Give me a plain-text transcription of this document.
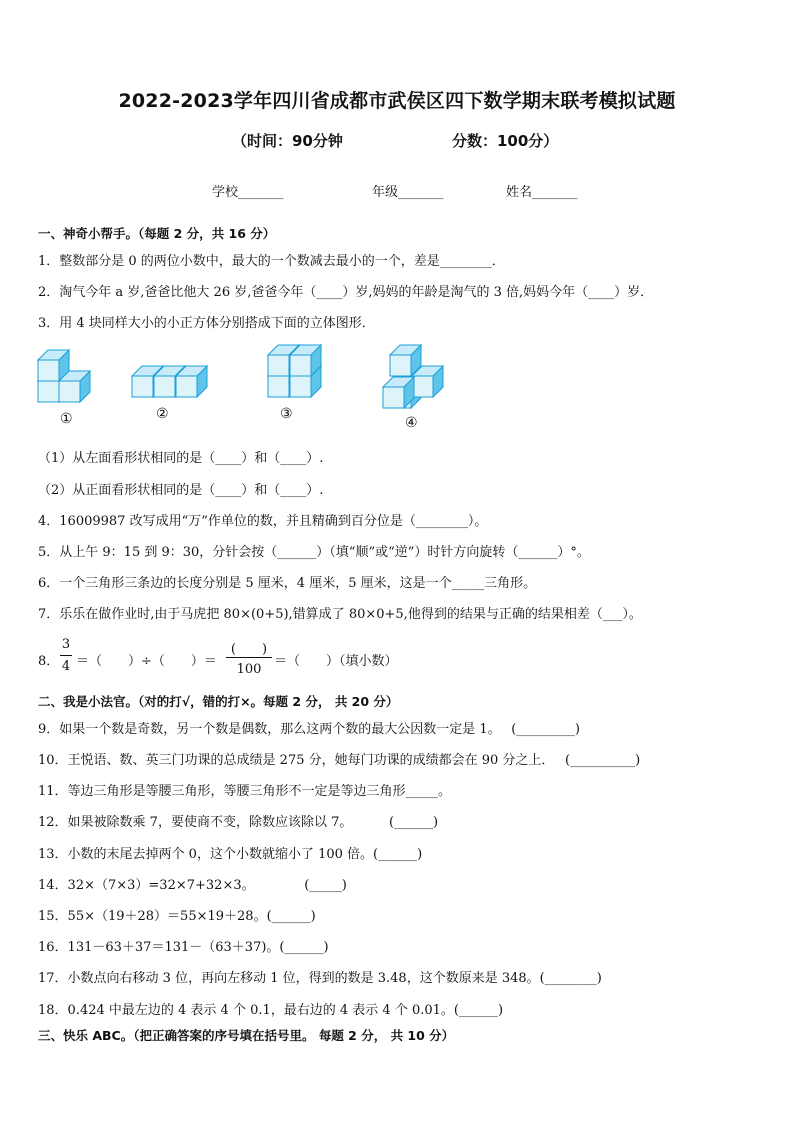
2022-2023学年四川省成都市武侯区四下数学期末联考模拟试题
（时间：90分钟	分数：100分）
学校_______	年级_______	姓名_______
一、神奇小帮手。（每题 2 分，共 16 分）
1．整数部分是 0 的两位小数中，最大的一个数减去最小的一个，差是________．
2．淘气今年 a 岁,爸爸比他大 26 岁,爸爸今年（____）岁,妈妈的年龄是淘气的 3 倍,妈妈今年（____）岁．
3．用 4 块同样大小的小正方体分别搭成下面的立体图形．
①	②	③
④
（1）从左面看形状相同的是（____）和（____）.
（2）从正面看形状相同的是（____）和（____）.
4．16009987 改写成用“万”作单位的数，并且精确到百分位是（________）。
5．从上午 9：15 到 9：30，分针会按（______）（填“顺”或“逆”）时针方向旋转（______）°。
6．一个三角形三条边的长度分别是 5 厘米，4 厘米，5 厘米，这是一个_____三角形。
7．乐乐在做作业时,由于马虎把 80×(0+5),错算成了 80×0+5,他得到的结果与正确的结果相差（___）。
8．
3
4 ＝（　　）÷（　　）＝
(　　)
100
＝（　　）（填小数）
二、我是小法官。（对的打√，错的打×。每题 2 分， 共 20 分）
9．如果一个数是奇数，另一个数是偶数，那么这两个数的最大公因数一定是 1。　 (_________)
10．王悦语、数、英三门功课的总成绩是 275 分，她每门功课的成绩都会在 90 分之上．　 (__________)
11．等边三角形是等腰三角形，等腰三角形不一定是等边三角形_____。
12．如果被除数乘 7，要使商不变，除数应该除以 7。　　　 (______)
13．小数的末尾去掉两个 0，这个小数就缩小了 100 倍。(______)
14．32×（7×3）=32×7+32×3。　　　　 (_____)
15．55×（19＋28）＝55×19＋28。(______)
16．131－63＋37＝131－（63＋37)。(______)
17．小数点向右移动 3 位，再向左移动 1 位，得到的数是 3.48，这个数原来是 348。(________)
18．0.424 中最左边的 4 表示 4 个 0.1，最右边的 4 表示 4 个 0.01。(______)
三、快乐 ABC。（把正确答案的序号填在括号里。 每题 2 分， 共 10 分）
